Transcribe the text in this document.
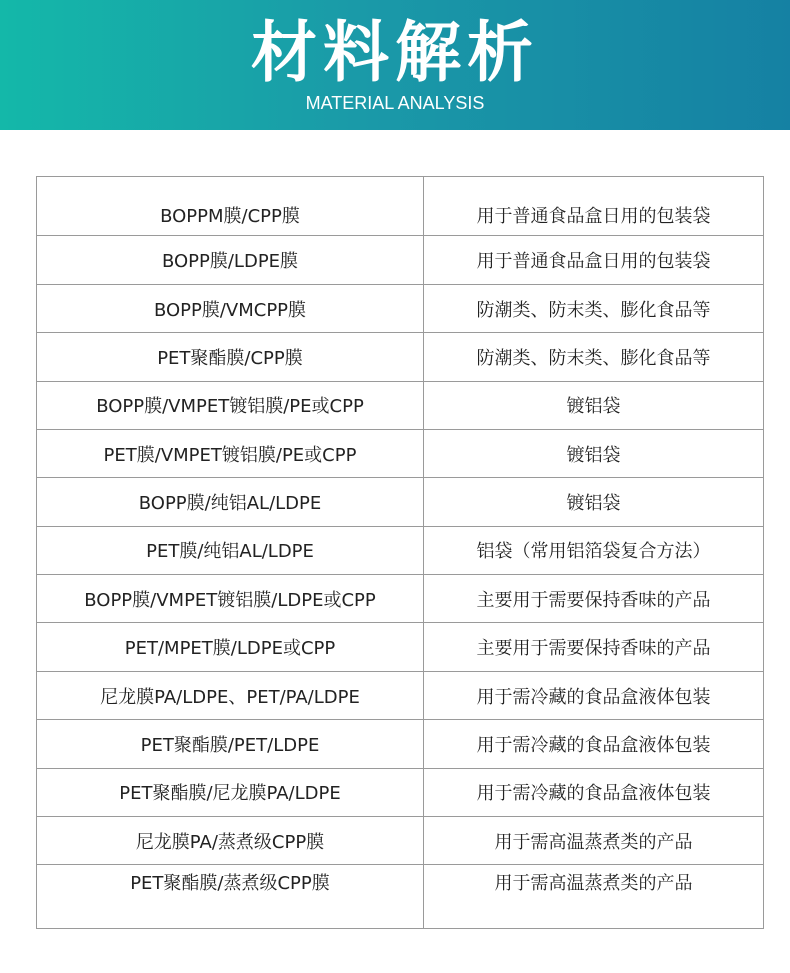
材料解析
MATERIAL ANALYSIS
BOPPM膜/CPP膜	用于普通食品盒日用的包装袋
BOPP膜/LDPE膜	用于普通食品盒日用的包装袋
BOPP膜/VMCPP膜	防潮类、防末类、膨化食品等
PET聚酯膜/CPP膜	防潮类、防末类、膨化食品等
BOPP膜/VMPET镀铝膜/PE或CPP	镀铝袋
PET膜/VMPET镀铝膜/PE或CPP	镀铝袋
BOPP膜/纯铝AL/LDPE	镀铝袋
PET膜/纯铝AL/LDPE	铝袋（常用铝箔袋复合方法）
BOPP膜/VMPET镀铝膜/LDPE或CPP	主要用于需要保持香味的产品
PET/MPET膜/LDPE或CPP	主要用于需要保持香味的产品
尼龙膜PA/LDPE、PET/PA/LDPE	用于需冷藏的食品盒液体包装
PET聚酯膜/PET/LDPE	用于需冷藏的食品盒液体包装
PET聚酯膜/尼龙膜PA/LDPE	用于需冷藏的食品盒液体包装
尼龙膜PA/蒸煮级CPP膜	用于需高温蒸煮类的产品
PET聚酯膜/蒸煮级CPP膜	用于需高温蒸煮类的产品
